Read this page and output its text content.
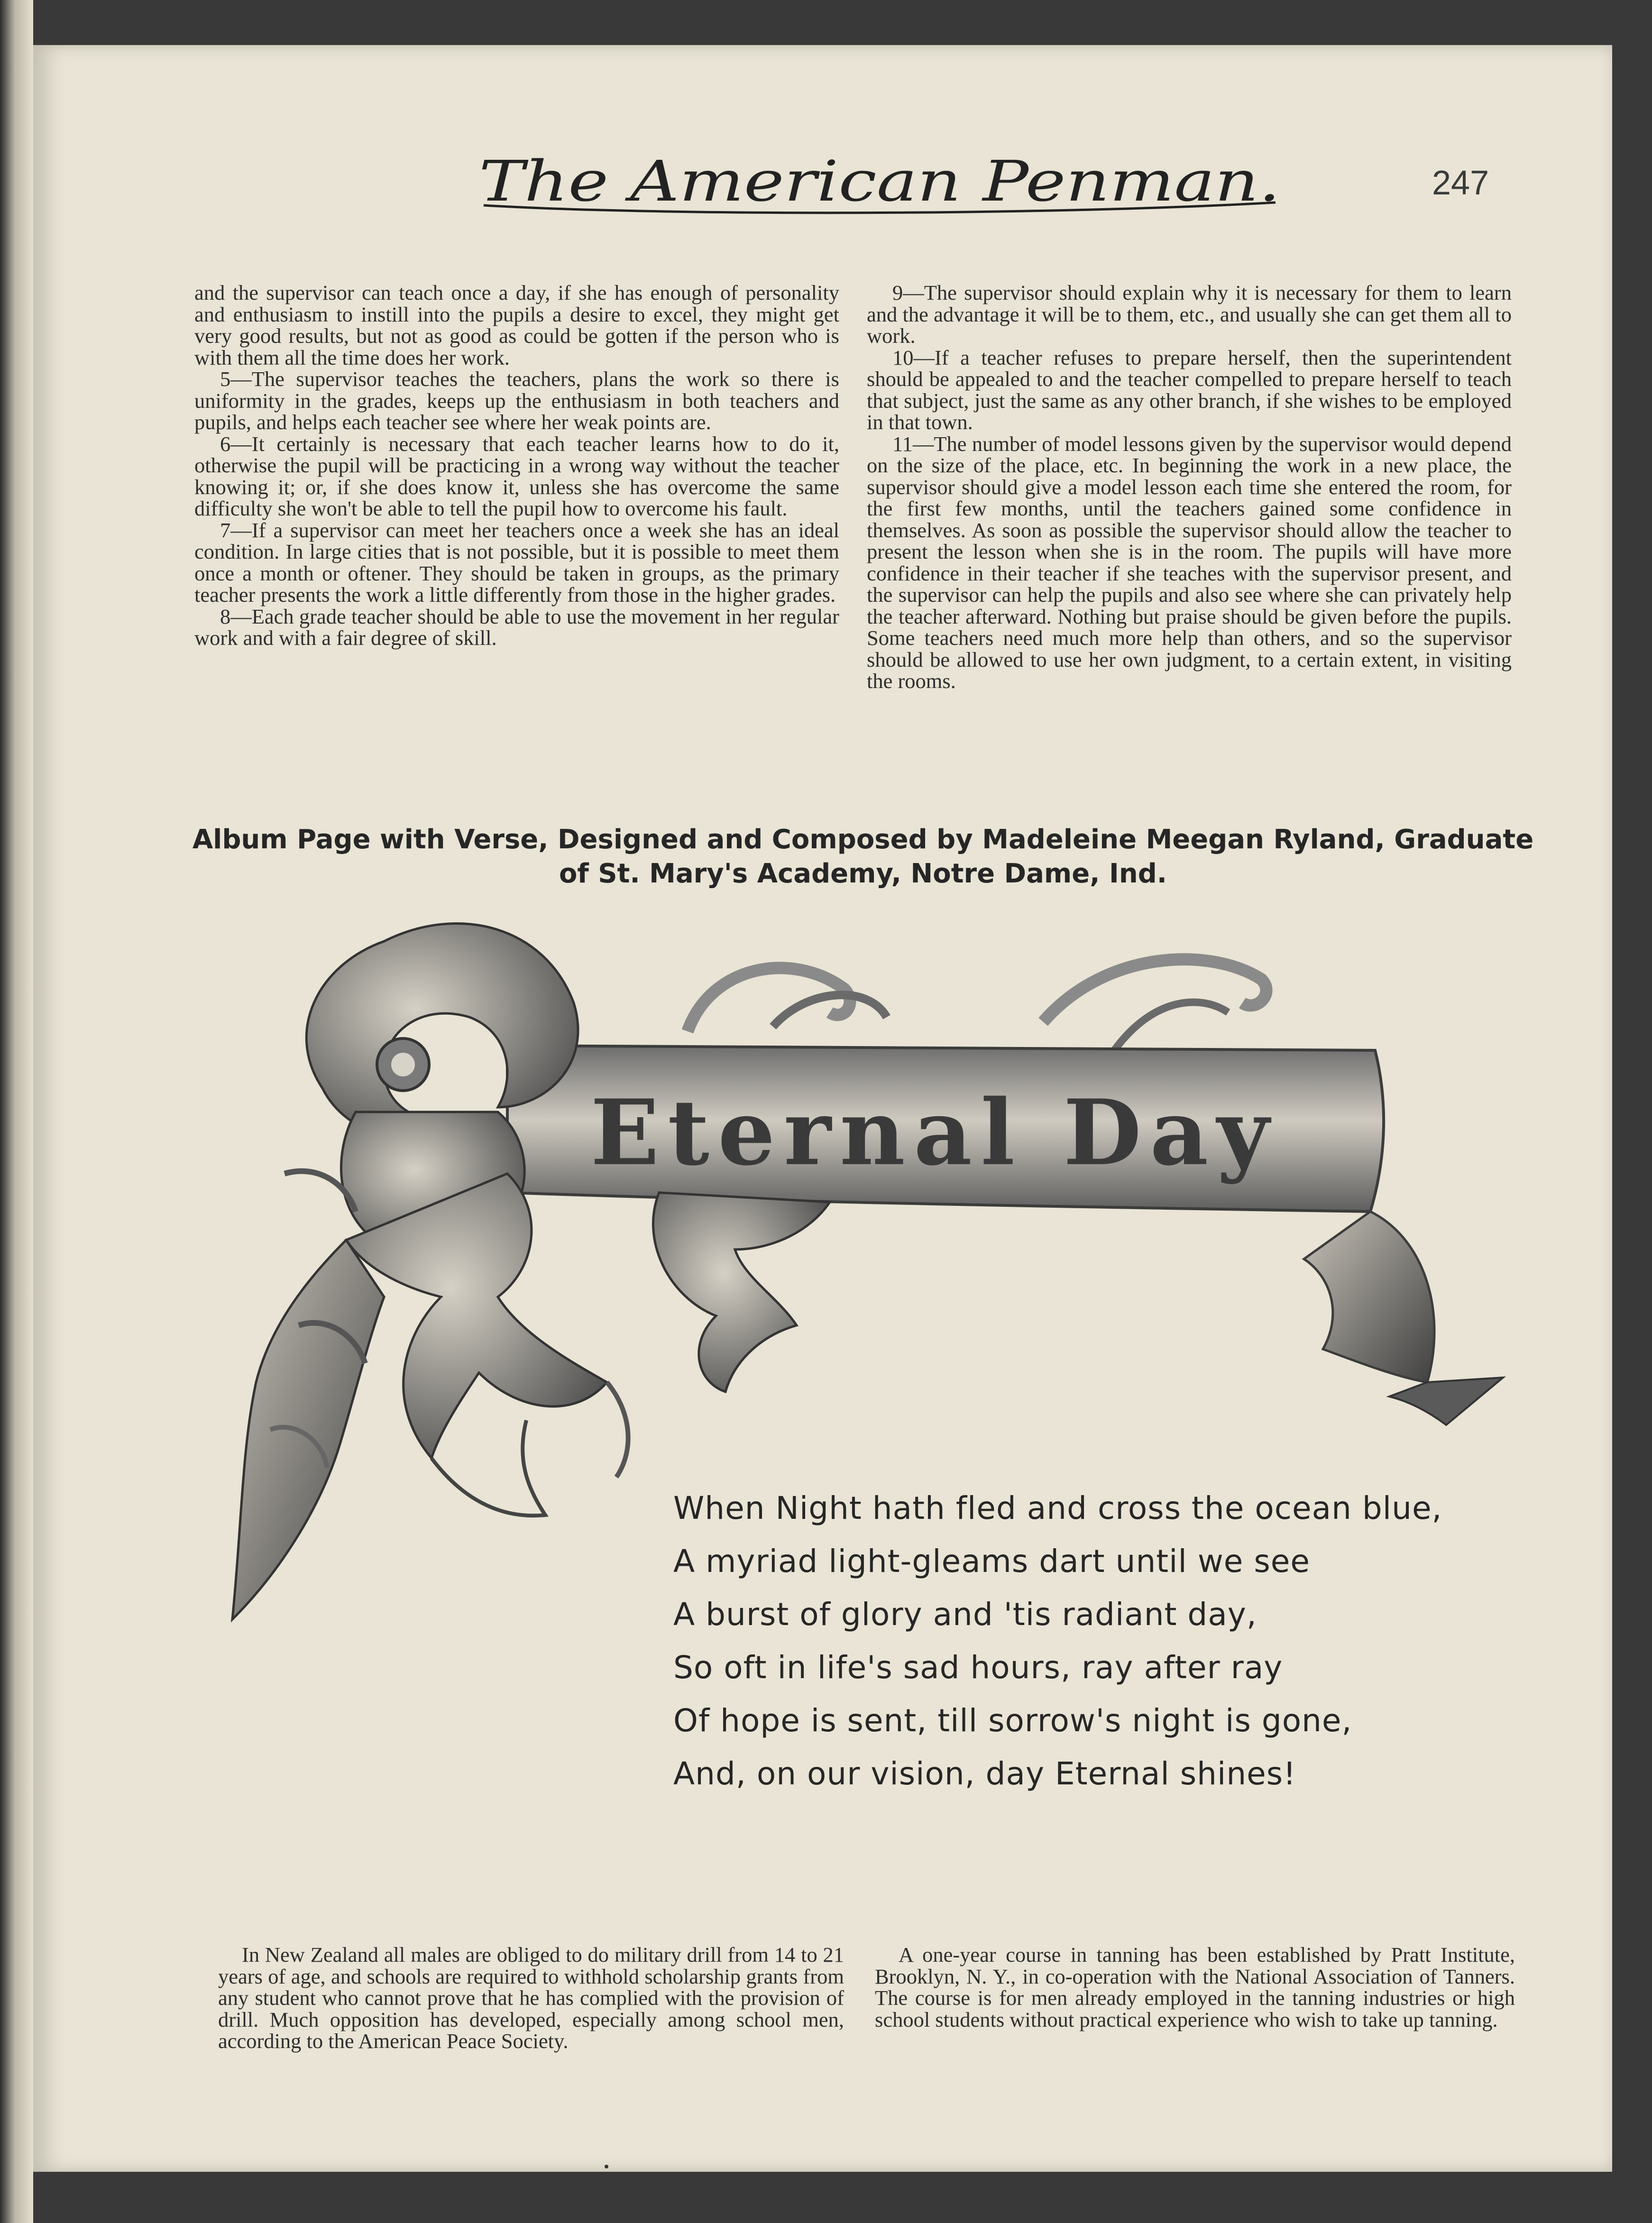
The American Penman.	247

and the supervisor can teach once a day, if she has enough of personality and enthusiasm to instill into the pupils a desire to excel, they might get very good results, but not as good as could be gotten if the person who is with them all the time does her work.

5—The supervisor teaches the teachers, plans the work so there is uniformity in the grades, keeps up the enthusiasm in both teachers and pupils, and helps each teacher see where her weak points are.

6—It certainly is necessary that each teacher learns how to do it, otherwise the pupil will be practicing in a wrong way without the teacher knowing it; or, if she does know it, unless she has overcome the same difficulty she won't be able to tell the pupil how to overcome his fault.

7—If a supervisor can meet her teachers once a week she has an ideal condition. In large cities that is not possible, but it is possible to meet them once a month or oftener. They should be taken in groups, as the primary teacher presents the work a little differently from those in the higher grades.

8—Each grade teacher should be able to use the movement in her regular work and with a fair degree of skill.

9—The supervisor should explain why it is necessary for them to learn and the advantage it will be to them, etc., and usually she can get them all to work.

10—If a teacher refuses to prepare herself, then the superintendent should be appealed to and the teacher compelled to prepare herself to teach that subject, just the same as any other branch, if she wishes to be employed in that town.

11—The number of model lessons given by the supervisor would depend on the size of the place, etc. In beginning the work in a new place, the supervisor should give a model lesson each time she entered the room, for the first few months, until the teachers gained some confidence in themselves. As soon as possible the supervisor should allow the teacher to present the lesson when she is in the room. The pupils will have more confidence in their teacher if she teaches with the supervisor present, and the supervisor can help the pupils and also see where she can privately help the teacher afterward. Nothing but praise should be given before the pupils. Some teachers need much more help than others, and so the supervisor should be allowed to use her own judgment, to a certain extent, in visiting the rooms.

Album Page with Verse, Designed and Composed by Madeleine Meegan Ryland, Graduate
of St. Mary's Academy, Notre Dame, Ind.
Eternal Day
When Night hath fled and cross the ocean blue,
A myriad light-gleams dart until we see
A burst of glory and 'tis radiant day,
So oft in life's sad hours, ray after ray
Of hope is sent, till sorrow's night is gone,
And, on our vision, day Eternal shines!

In New Zealand all males are obliged to do military drill from 14 to 21 years of age, and schools are required to withhold scholarship grants from any student who cannot prove that he has complied with the provision of drill. Much opposition has developed, especially among school men, according to the American Peace Society.

A one-year course in tanning has been established by Pratt Institute, Brooklyn, N. Y., in co-operation with the National Association of Tanners. The course is for men already employed in the tanning industries or high school students without practical experience who wish to take up tanning.
